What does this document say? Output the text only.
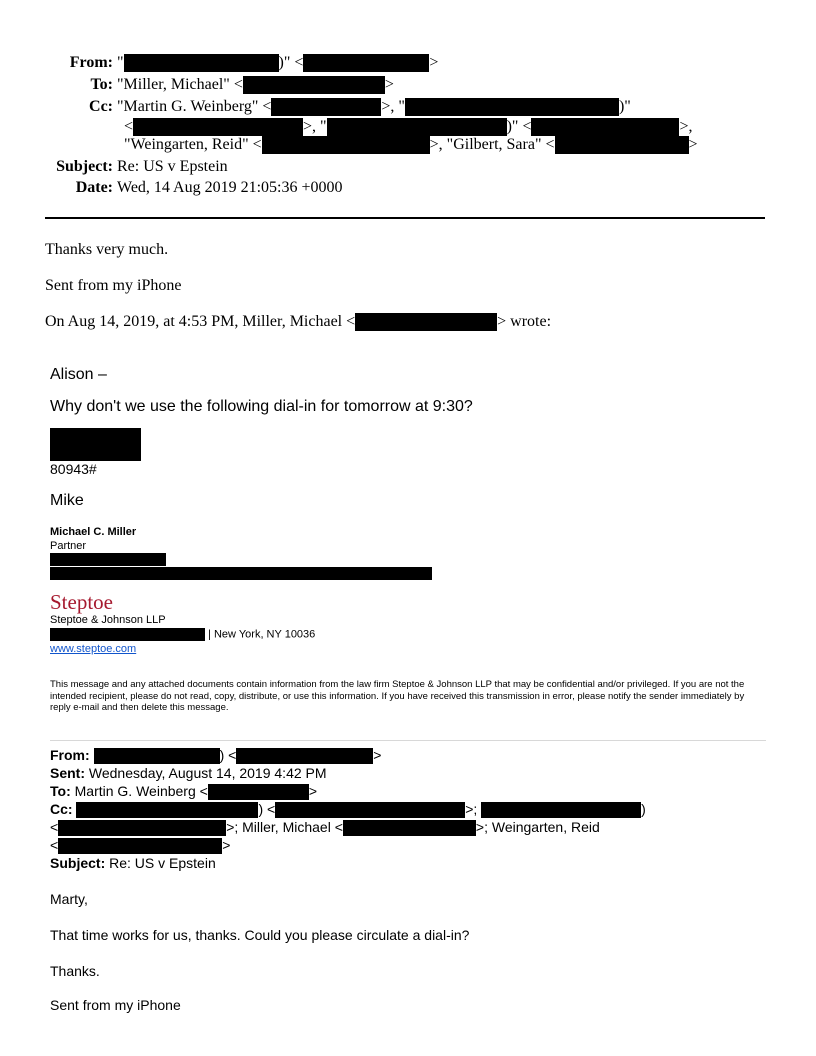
From: "	)" <	>
To: "Miller, Michael" <	>
Cc: "Martin G. Weinberg" <	>, "	)"
<	>, "	)" <	>,
"Weingarten, Reid" <	>, "Gilbert, Sara" <	>
Subject: Re: US v Epstein
Date: Wed, 14 Aug 2019 21:05:36 +0000
Thanks very much.
Sent from my iPhone
On Aug 14, 2019, at 4:53 PM, Miller, Michael <	> wrote:
Alison –
Why don't we use the following dial-in for tomorrow at 9:30?
80943#
Mike
Michael C. Miller
Partner
Steptoe
Steptoe & Johnson LLP
| New York, NY 10036
www.steptoe.com
This message and any attached documents contain information from the law firm Steptoe & Johnson LLP that may be confidential and/or privileged. If you are not the intended recipient, please do not read, copy, distribute, or use this information. If you have received this transmission in error, please notify the sender immediately by reply e-mail and then delete this message.
From:	) <	>
Sent: Wednesday, August 14, 2019 4:42 PM
To: Martin G. Weinberg <	>
Cc:	) <	>;	)
<	>; Miller, Michael <	>; Weingarten, Reid
<	>
Subject: Re: US v Epstein
Marty,
That time works for us, thanks. Could you please circulate a dial-in?
Thanks.
Sent from my iPhone
